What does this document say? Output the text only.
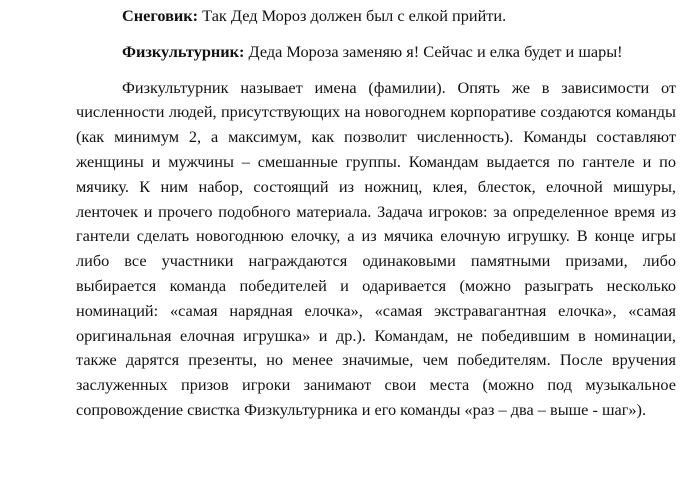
Снеговик: Так Дед Мороз должен был с елкой прийти.

Физкультурник: Деда Мороза заменяю я! Сейчас и елка будет и шары!

Физкультурник называет имена (фамилии). Опять же в зависимости от численности людей, присутствующих на новогоднем корпоративе создаются команды (как минимум 2, а максимум, как позволит численность). Команды составляют женщины и мужчины – смешанные группы. Командам выдается по гантеле и по мячику. К ним набор, состоящий из ножниц, клея, блесток, елочной мишуры, ленточек и прочего подобного материала. Задача игроков: за определенное время из гантели сделать новогоднюю елочку, а из мячика елочную игрушку. В конце игры либо все участники награждаются одинаковыми памятными призами, либо выбирается команда победителей и одаривается (можно разыграть несколько номинаций: «самая нарядная елочка», «самая экстравагантная елочка», «самая оригинальная елочная игрушка» и др.). Командам, не победившим в номинации, также дарятся презенты, но менее значимые, чем победителям. После вручения заслуженных призов игроки занимают свои места (можно под музыкальное сопровождение свистка Физкультурника и его команды «раз – два – выше - шаг»).
